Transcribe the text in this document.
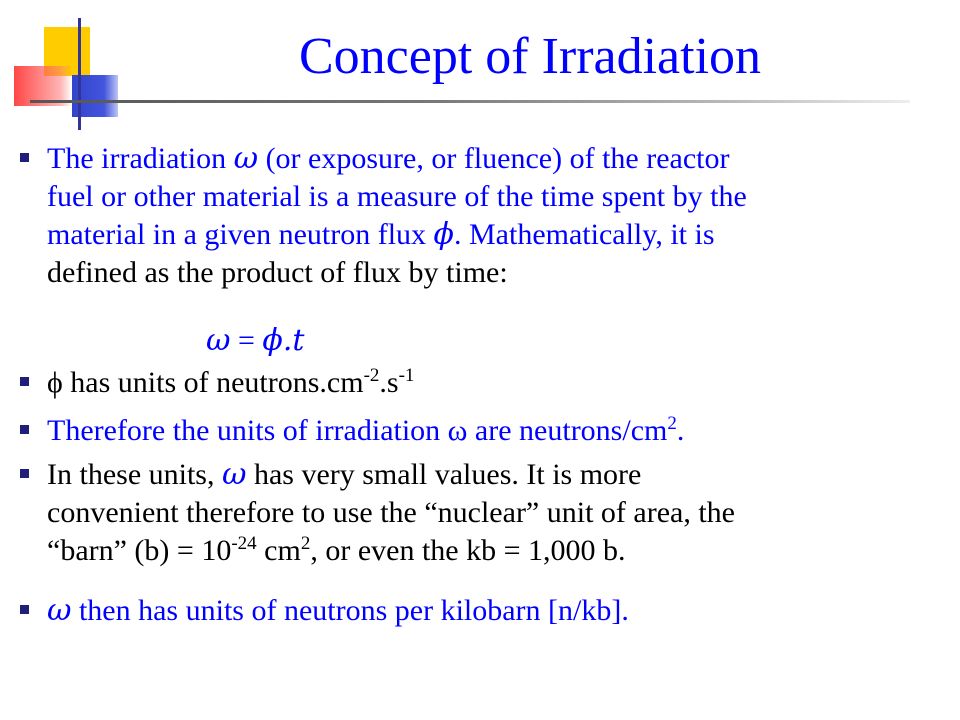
Concept of Irradiation
The irradiation ω (or exposure, or fluence) of the reactor
fuel or other material is a measure of the time spent by the
material in a given neutron flux ϕ. Mathematically, it is
defined as the product of flux by time:
ω = ϕ.t
ϕ has units of $neutrons.cm^{-2}.s^{-1}$
Therefore the units of irradiation ω are neutrons/$cm^2$.
In these units, ω has very small values. It is more
convenient therefore to use the “nuclear” unit of area, the
“barn” $(b) = 10^{-24}$ $cm^2$, or even the kb = 1,000 b.
ω then has units of neutrons per kilobarn [n/kb].
